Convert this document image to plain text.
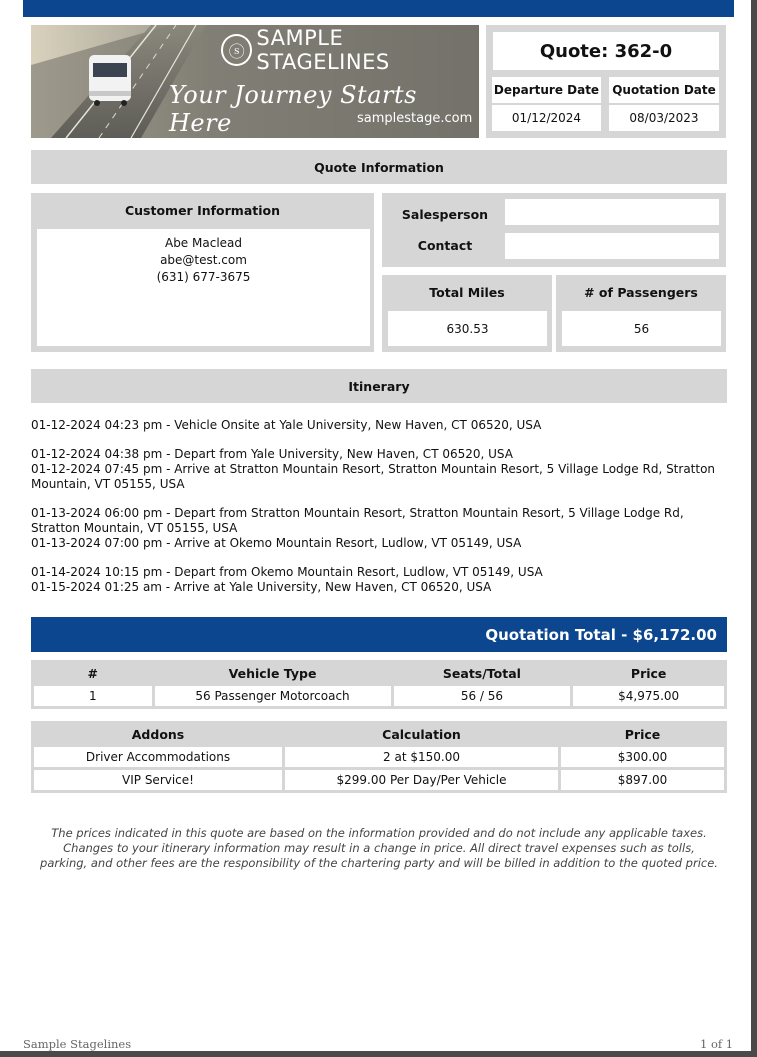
ⓢ
SAMPLE STAGELINES
Your Journey Starts Here	samplestage.com
Quote: 362-0
Departure Date Quotation Date
01/12/2024	08/03/2023
Quote Information
Customer Information
Abe Maclead
abe@test.com
(631) 677-3675
Salesperson
Contact
Total Miles
630.53
# of Passengers
56
Itinerary

01-12-2024 04:23 pm - Vehicle Onsite at Yale University, New Haven, CT 06520, USA

01-12-2024 04:38 pm - Depart from Yale University, New Haven, CT 06520, USA

01-12-2024 07:45 pm - Arrive at Stratton Mountain Resort, Stratton Mountain Resort, 5 Village Lodge Rd, Stratton Mountain, VT 05155, USA

01-13-2024 06:00 pm - Depart from Stratton Mountain Resort, Stratton Mountain Resort, 5 Village Lodge Rd, Stratton Mountain, VT 05155, USA

01-13-2024 07:00 pm - Arrive at Okemo Mountain Resort, Ludlow, VT 05149, USA

01-14-2024 10:15 pm - Depart from Okemo Mountain Resort, Ludlow, VT 05149, USA

01-15-2024 01:25 am - Arrive at Yale University, New Haven, CT 06520, USA

Quotation Total - $6,172.00
#	Vehicle Type	Seats/Total	Price
1	56 Passenger Motorcoach	56 / 56	$4,975.00
Addons	Calculation	Price
Driver Accommodations	2 at $150.00	$300.00
VIP Service!	$299.00 Per Day/Per Vehicle	$897.00
The prices indicated in this quote are based on the information provided and do not include any applicable taxes. Changes to your itinerary information may result in a change in price. All direct travel expenses such as tolls, parking, and other fees are the responsibility of the chartering party and will be billed in addition to the quoted price.
Sample Stagelines	1 of 1
